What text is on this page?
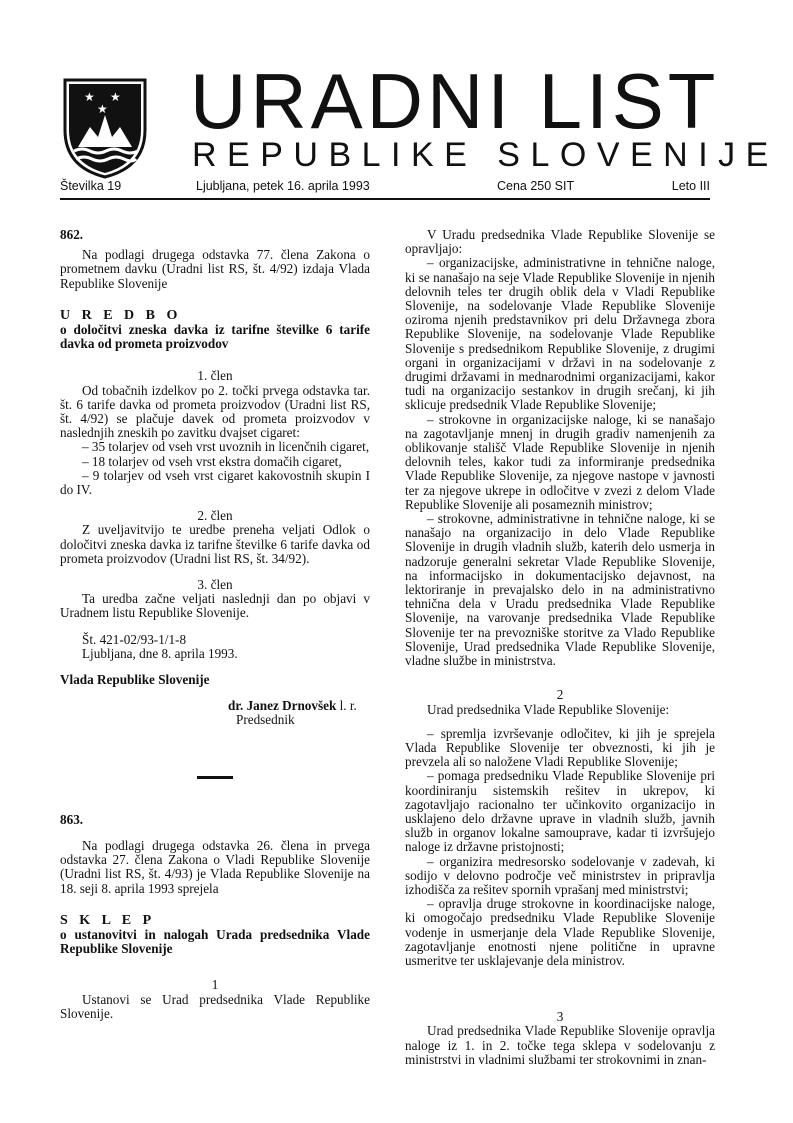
★ ★
★ URADNI LIST
REPUBLIKE SLOVENIJE
Številka 19	Ljubljana, petek 16. aprila 1993	Cena 250 SIT	Leto III

862.

Na podlagi drugega odstavka 77. člena Zakona o prometnem davku (Uradni list RS, št. 4/92) izdaja Vlada Republike Slovenije

U R E D B O

o določitvi zneska davka iz tarifne številke 6 tarife davka od prometa proizvodov

1. člen

Od tobačnih izdelkov po 2. točki prvega odstavka tar. št. 6 tarife davka od prometa proizvodov (Uradni list RS, št. 4/92) se plačuje davek od prometa proizvodov v naslednjih zneskih po zavitku dvajset cigaret:

– 35 tolarjev od vseh vrst uvoznih in licenčnih cigaret,

– 18 tolarjev od vseh vrst ekstra domačih cigaret,

– 9 tolarjev od vseh vrst cigaret kakovostnih skupin I do IV.

2. člen

Z uveljavitvijo te uredbe preneha veljati Odlok o določitvi zneska davka iz tarifne številke 6 tarife davka od prometa proizvodov (Uradni list RS, št. 34/92).

3. člen

Ta uredba začne veljati naslednji dan po objavi v Uradnem listu Republike Slovenije.

Št. 421-02/93-1/1-8

Ljubljana, dne 8. aprila 1993.

Vlada Republike Slovenije

dr. Janez Drnovšek l. r.

Predsednik

863.

Na podlagi drugega odstavka 26. člena in prvega odstavka 27. člena Zakona o Vladi Republike Slovenije (Uradni list RS, št. 4/93) je Vlada Republike Slovenije na 18. seji 8. aprila 1993 sprejela

S K L E P

o ustanovitvi in nalogah Urada predsednika Vlade Republike Slovenije

1

Ustanovi se Urad predsednika Vlade Republike Slovenije.

V Uradu predsednika Vlade Republike Slovenije se opravljajo:

– organizacijske, administrativne in tehnične naloge, ki se nanašajo na seje Vlade Republike Slovenije in njenih delovnih teles ter drugih oblik dela v Vladi Republike Slovenije, na sodelovanje Vlade Republike Slovenije oziroma njenih predstavnikov pri delu Državnega zbora Republike Slovenije, na sodelovanje Vlade Republike Slovenije s predsednikom Republike Slovenije, z drugimi organi in organizacijami v državi in na sodelovanje z drugimi državami in mednarodnimi organizacijami, kakor tudi na organizacijo sestankov in drugih srečanj, ki jih sklicuje predsednik Vlade Republike Slovenije;

– strokovne in organizacijske naloge, ki se nanašajo na zagotavljanje mnenj in drugih gradiv namenjenih za oblikovanje stališč Vlade Republike Slovenije in njenih delovnih teles, kakor tudi za informiranje predsednika Vlade Republike Slovenije, za njegove nastope v javnosti ter za njegove ukrepe in odločitve v zvezi z delom Vlade Republike Slovenije ali posameznih ministrov;

– strokovne, administrativne in tehnične naloge, ki se nanašajo na organizacijo in delo Vlade Republike Slovenije in drugih vladnih služb, katerih delo usmerja in nadzoruje generalni sekretar Vlade Republike Slovenije, na informacijsko in dokumentacijsko dejavnost, na lektoriranje in prevajalsko delo in na administrativno tehnična dela v Uradu predsednika Vlade Republike Slovenije, na varovanje predsednika Vlade Republike Slovenije ter na prevozniške storitve za Vlado Republike Slovenije, Urad predsednika Vlade Republike Slovenije, vladne službe in ministrstva.

2

Urad predsednika Vlade Republike Slovenije:

– spremlja izvrševanje odločitev, ki jih je sprejela Vlada Republike Slovenije ter obveznosti, ki jih je prevzela ali so naložene Vladi Republike Slovenije;

– pomaga predsedniku Vlade Republike Slovenije pri koordiniranju sistemskih rešitev in ukrepov, ki zagotavljajo racionalno ter učinkovito organizacijo in usklajeno delo državne uprave in vladnih služb, javnih služb in organov lokalne samouprave, kadar ti izvršujejo naloge iz državne pristojnosti;

– organizira medresorsko sodelovanje v zadevah, ki sodijo v delovno področje več ministrstev in pripravlja izhodišča za rešitev spornih vprašanj med ministrstvi;

– opravlja druge strokovne in koordinacijske naloge, ki omogočajo predsedniku Vlade Republike Slovenije vodenje in usmerjanje dela Vlade Republike Slovenije, zagotavljanje enotnosti njene politične in upravne usmeritve ter usklajevanje dela ministrov.

3

Urad predsednika Vlade Republike Slovenije opravlja naloge iz 1. in 2. točke tega sklepa v sodelovanju z ministrstvi in vladnimi službami ter strokovnimi in znan-
